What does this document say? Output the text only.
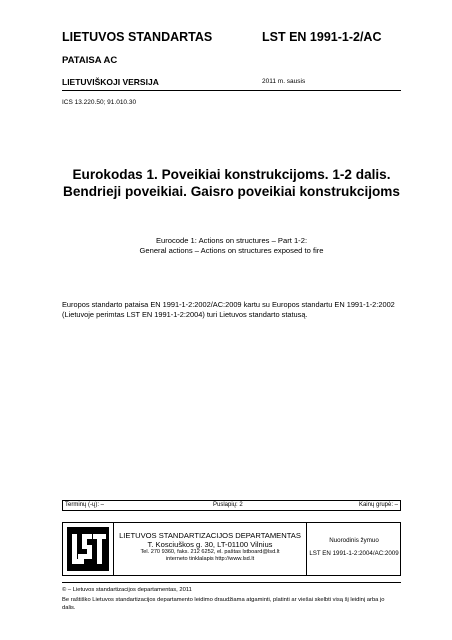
LIETUVOS STANDARTAS	LST EN 1991-1-2/AC
PATAISA AC
LIETUVIŠKOJI VERSIJA	2011 m. sausis
ICS 13.220.50; 91.010.30
Eurokodas 1. Poveikiai konstrukcijoms. 1-2 dalis.
Bendrieji poveikiai. Gaisro poveikiai konstrukcijoms
Eurocode 1: Actions on structures – Part 1-2:
General actions – Actions on structures exposed to fire
Europos standarto pataisa EN 1991-1-2:2002/AC:2009 kartu su Europos standartu EN 1991-1-2:2002
(Lietuvoje perimtas LST EN 1991-1-2:2004) turi Lietuvos standarto statusą.
Terminų (-ų): –	Puslapių: 2	Kainų grupė: –
LIETUVOS STANDARTIZACIJOS DEPARTAMENTAS
T. Kosciuškos g. 30, LT-01100 Vilnius
Tel. 270 9360, faks. 212 6252, el. paštas lstboard@lsd.lt
interneto tinklalapis http://www.lsd.lt
Nuorodinis žymuo
LST EN 1991-1-2:2004/AC:2009
© – Lietuvos standartizacijos departamentas, 2011
Be raštiško Lietuvos standartizacijos departamento leidimo draudžiama atgaminti, platinti ar viešai skelbti visą šį leidinį arba jo
dalis.
